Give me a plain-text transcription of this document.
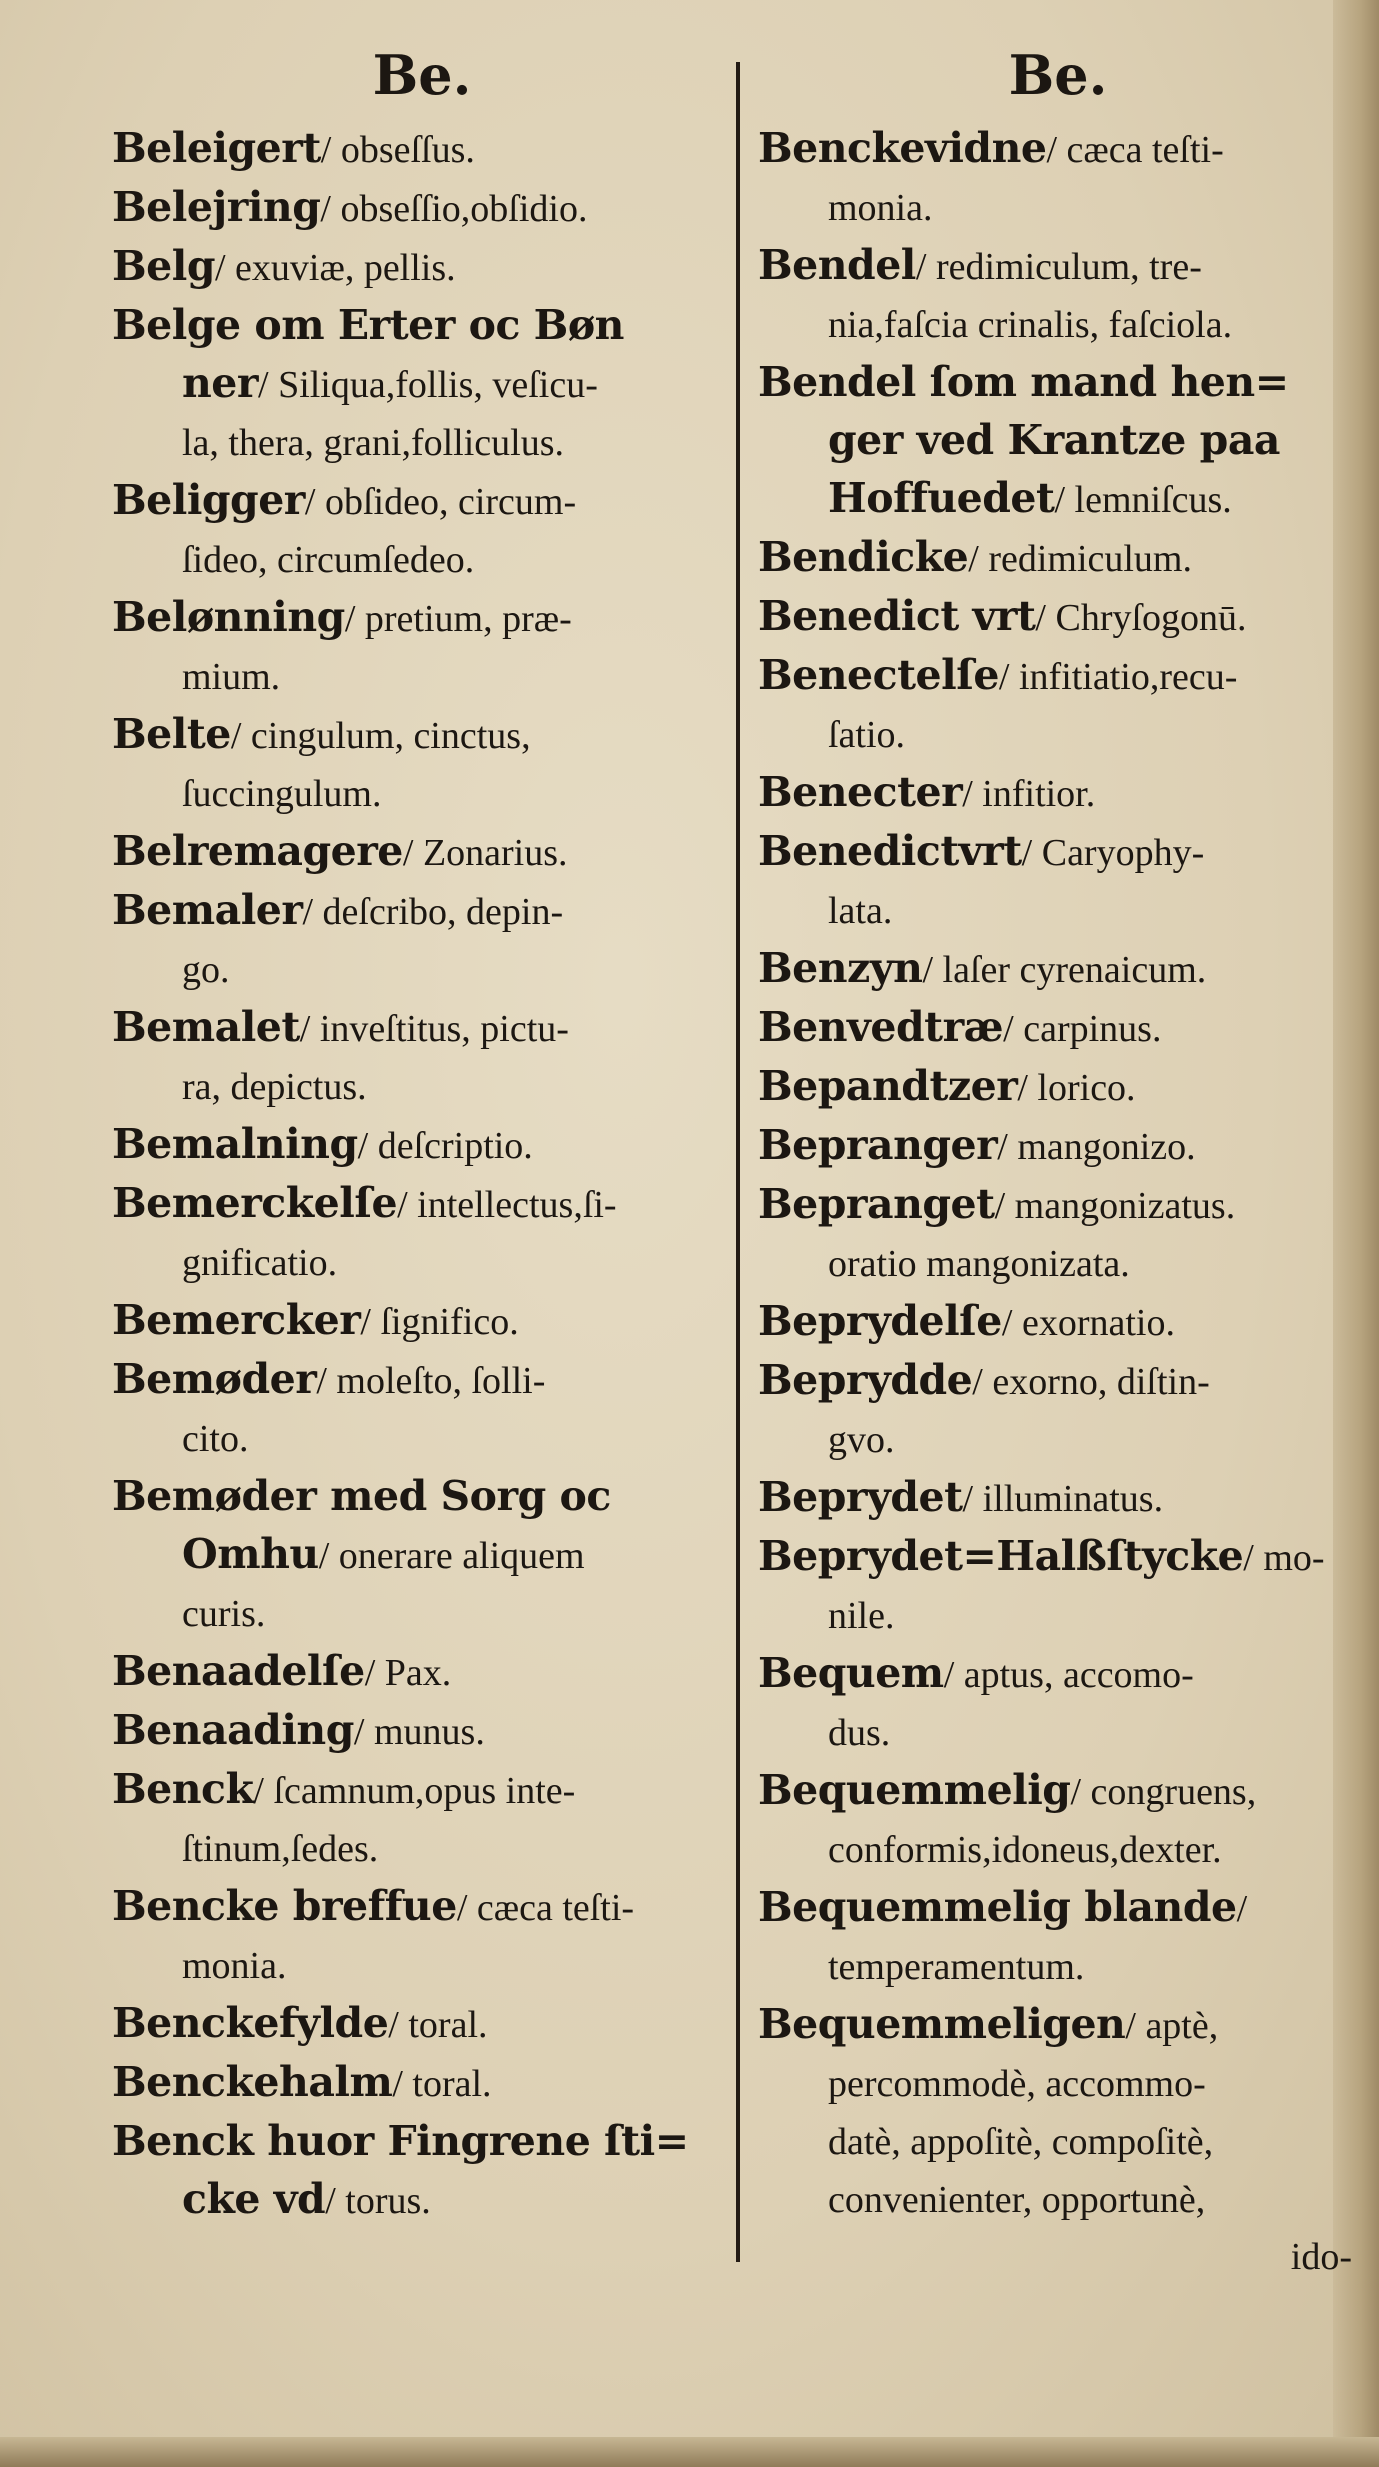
Be.
Beleigert/ obseſſus.
Belejring/ obseſſio,obſidio.
Belg/ exuviæ, pellis.
Belge om Erter oc Bøn
ner/ Siliqua,follis, veſicu-
la, thera, grani,folliculus.
Beligger/ obſideo, circum-
ſideo, circumſedeo.
Belønning/ pretium, præ-
mium.
Belte/ cingulum, cinctus,
ſuccingulum.
Belremagere/ Zonarius.
Bemaler/ deſcribo, depin-
go.
Bemalet/ inveſtitus, pictu-
ra, depictus.
Bemalning/ deſcriptio.
Bemerckelſe/ intellectus,ſi-
gnificatio.
Bemercker/ ſignifico.
Bemøder/ moleſto, ſolli-
cito.
Bemøder med Sorg oc
Omhu/ onerare aliquem
curis.
Benaadelſe/ Pax.
Benaading/ munus.
Benck/ ſcamnum,opus inte-
ſtinum,ſedes.
Bencke breffue/ cæca teſti-
monia.
Benckefylde/ toral.
Benckehalm/ toral.
Benck huor Fingrene ſti=
cke vd/ torus.
Be.
Benckevidne/ cæca teſti-
monia.
Bendel/ redimiculum, tre-
nia,faſcia crinalis, faſciola.
Bendel ſom mand hen=
ger ved Krantze paa
Hoffuedet/ lemniſcus.
Bendicke/ redimiculum.
Benedict vrt/ Chryſogonū.
Benectelſe/ infitiatio,recu-
ſatio.
Benecter/ infitior.
Benedictvrt/ Caryophy-
lata.
Benzyn/ laſer cyrenaicum.
Benvedtræ/ carpinus.
Bepandtzer/ lorico.
Bepranger/ mangonizo.
Bepranget/ mangonizatus.
oratio mangonizata.
Beprydelſe/ exornatio.
Beprydde/ exorno, diſtin-
gvo.
Beprydet/ illuminatus.
Beprydet=Halßſtycke/ mo-
nile.
Bequem/ aptus, accomo-
dus.
Bequemmelig/ congruens,
conformis,idoneus,dexter.
Bequemmelig blande/
temperamentum.
Bequemmeligen/ aptè,
percommodè, accommo-
datè, appoſitè, compoſitè,
convenienter, opportunè,
ido-
